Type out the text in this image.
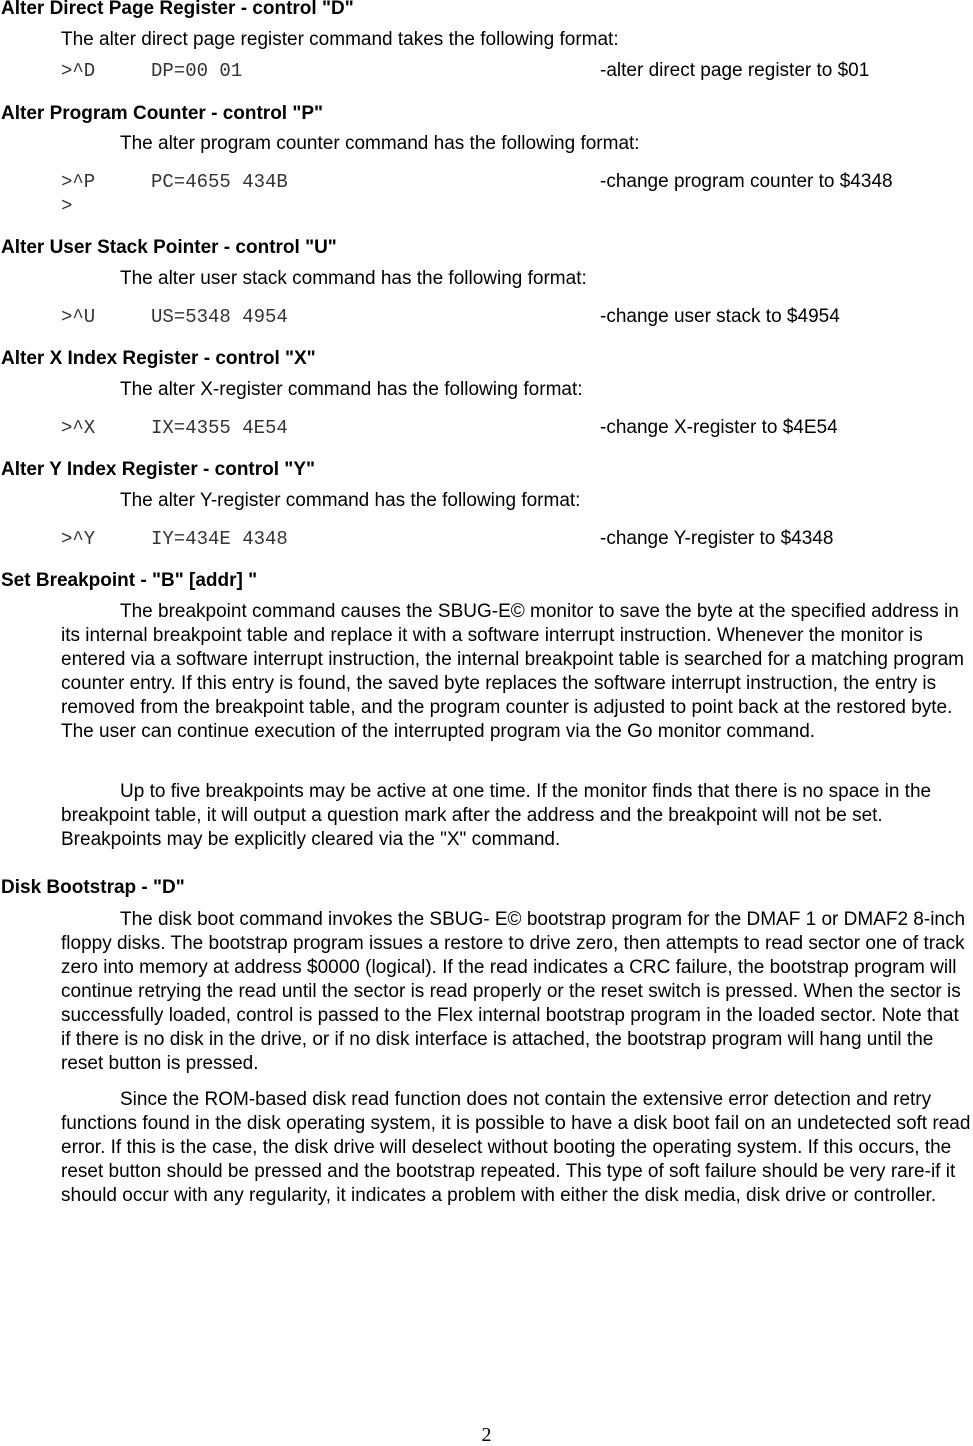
Alter Direct Page Register - control "D"
The alter direct page register command takes the following format:
>^D	DP=00 01	-alter direct page register to $01
Alter Program Counter - control "P"
The alter program counter command has the following format:
>^P	PC=4655 434B	-change program counter to $4348
>
Alter User Stack Pointer - control "U"
The alter user stack command has the following format:
>^U	US=5348 4954	-change user stack to $4954
Alter X Index Register - control "X"
The alter X-register command has the following format:
>^X	IX=4355 4E54	-change X-register to $4E54
Alter Y Index Register - control "Y"
The alter Y-register command has the following format:
>^Y	IY=434E 4348	-change Y-register to $4348
Set Breakpoint - "B" [addr] "

The breakpoint command causes the SBUG-E© monitor to save the byte at the specified address in its internal breakpoint table and replace it with a software interrupt instruction. Whenever the monitor is entered via a software interrupt instruction, the internal breakpoint table is searched for a matching program counter entry. If this entry is found, the saved byte replaces the software interrupt instruction, the entry is removed from the breakpoint table, and the program counter is adjusted to point back at the restored byte. The user can continue execution of the interrupted program via the Go monitor command.

Up to five breakpoints may be active at one time. If the monitor finds that there is no space in the breakpoint table, it will output a question mark after the address and the breakpoint will not be set. Breakpoints may be explicitly cleared via the "X" command.

Disk Bootstrap - "D"

The disk boot command invokes the SBUG- E© bootstrap program for the DMAF 1 or DMAF2 8-inch floppy disks. The bootstrap program issues a restore to drive zero, then attempts to read sector one of track zero into memory at address $0000 (logical). If the read indicates a CRC failure, the bootstrap program will continue retrying the read until the sector is read properly or the reset switch is pressed. When the sector is successfully loaded, control is passed to the Flex internal bootstrap program in the loaded sector. Note that if there is no disk in the drive, or if no disk interface is attached, the bootstrap program will hang until the reset button is pressed.

Since the ROM-based disk read function does not contain the extensive error detection and retry functions found in the disk operating system, it is possible to have a disk boot fail on an undetected soft read error. If this is the case, the disk drive will deselect without booting the operating system. If this occurs, the reset button should be pressed and the bootstrap repeated. This type of soft failure should be very rare-if it should occur with any regularity, it indicates a problem with either the disk media, disk drive or controller.

2
